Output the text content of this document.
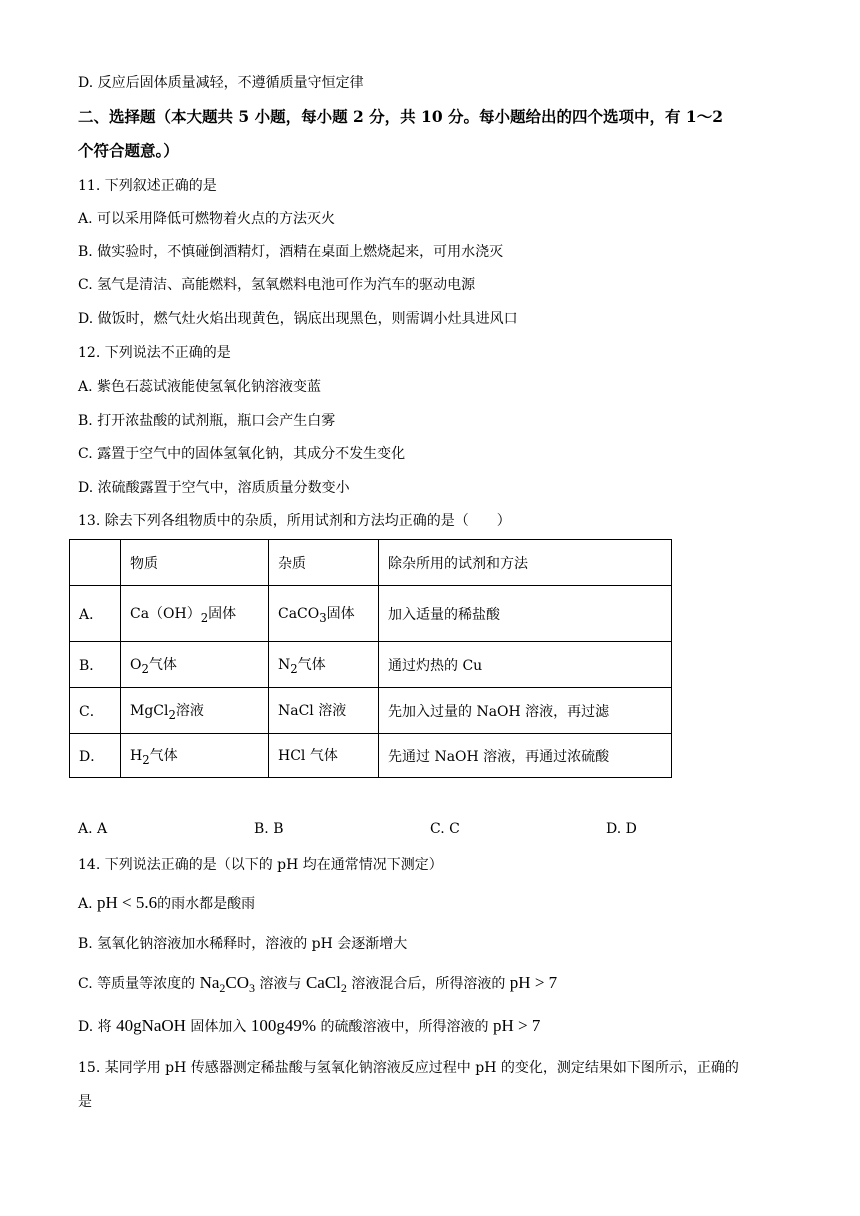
D. 反应后固体质量减轻，不遵循质量守恒定律
二、选择题（本大题共 5 小题，每小题 2 分，共 10 分。每小题给出的四个选项中，有 1～2
个符合题意。）
11. 下列叙述正确的是
A. 可以采用降低可燃物着火点的方法灭火
B. 做实验时，不慎碰倒酒精灯，酒精在桌面上燃烧起来，可用水浇灭
C. 氢气是清洁、高能燃料，氢氧燃料电池可作为汽车的驱动电源
D. 做饭时，燃气灶火焰出现黄色，锅底出现黑色，则需调小灶具进风口
12. 下列说法不正确的是
A. 紫色石蕊试液能使氢氧化钠溶液变蓝
B. 打开浓盐酸的试剂瓶，瓶口会产生白雾
C. 露置于空气中的固体氢氧化钠，其成分不发生变化
D. 浓硫酸露置于空气中，溶质质量分数变小
13. 除去下列各组物质中的杂质，所用试剂和方法均正确的是（　　）
	物质	杂质	除杂所用的试剂和方法
A．	$Ca(OH)_2$固体	CaCO$_3$固体	加入适量的稀盐酸
B．	$O_2$气体	$N_2$气体	通过灼热的 Cu
C．	MgCl$_2$溶液	NaCl 溶液	先加入过量的 NaOH 溶液，再过滤
D．	$H_2$气体	HCl 气体	先通过 NaOH 溶液，再通过浓硫酸
A. A	B. B	C. C	D. D
14. 下列说法正确的是（以下的 pH 均在通常情况下测定）
A. pH < 5.6的雨水都是酸雨
B. 氢氧化钠溶液加水稀释时，溶液的 pH 会逐渐增大
C. 等质量等浓度的 $Na_2CO_3$ 溶液与 CaCl$_2$ 溶液混合后，所得溶液的 pH > 7
D. 将 40gNaOH 固体加入 100g49% 的硫酸溶液中，所得溶液的 pH > 7
15. 某同学用 pH 传感器测定稀盐酸与氢氧化钠溶液反应过程中 pH 的变化，测定结果如下图所示，正确的
是
